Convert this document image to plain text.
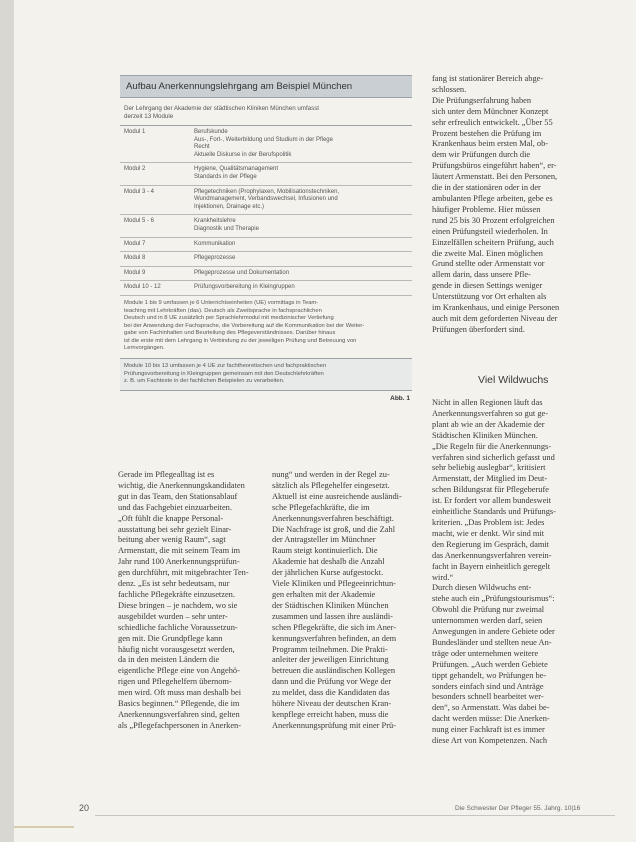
Aufbau Anerkennungslehrgang am Beispiel München
Der Lehrgang der Akademie der städtischen Kliniken München umfasst
derzeit 13 Module
Modul 1	Berufskunde
Aus-, Fort-, Weiterbildung und Studium in der Pflege
Recht
Aktuelle Diskurse in der Berufspolitik

Modul 2	Hygiene, Qualitätsmanagement
Standards in der Pflege

Modul 3 - 4	Pflegetechniken (Prophylaxen, Mobilisationstechniken,
Wundmanagement, Verbandswechsel, Infusionen und
Injektionen, Drainage etc.)

Modul 5 - 6	Krankheitslehre
Diagnostik und Therapie

Modul 7	Kommunikation

Modul 8	Pflegeprozesse

Modul 9	Pflegeprozesse und Dokumentation

Modul 10 - 12	Prüfungsvorbereitung in Kleingruppen
Module 1 bis 9 umfassen je 6 Unterrichtseinheiten (UE) vormittags in Team-
teaching mit Lehrkräften (das). Deutsch als Zweitsprache in fachsprachlichen
Deutsch und in 8 UE zusätzlich per Sprachlehrmodul mit medizinischer Vertiefung
bei der Anwendung der Fachsprache, die Vorbereitung auf die Kommunikation bei der Weiter-
gabe von Fachinhalten und Beurteilung des Pflegeverständnisses. Darüber hinaus
ist die erste mit dem Lehrgang in Verbindung zu der jeweiligen Prüfung und Betreuung von
Lernvorgängen.
Module 10 bis 13 umfassen je 4 UE zur fachtheoretischen und fachpraktischen
Prüfungsvorbereitung in Kleingruppen gemeinsam mit den Deutschlehrkräften
z. B. um Fachtexte in der fachlichen Beispielen zu verarbeiten.
Abb. 1
fang ist stationärer Bereich abge-
schlossen.
Die Prüfungserfahrung haben
sich unter dem Münchner Konzept
sehr erfreulich entwickelt. „Über 55
Prozent bestehen die Prüfung im
Krankenhaus beim ersten Mal, ob-
dem wir Prüfungen durch die
Prüfungsbüros eingeführt haben“, er-
läutert Armenstatt. Bei den Personen,
die in der stationären oder in der
ambulanten Pflege arbeiten, gebe es
häufiger Probleme. Hier müssen
rund 25 bis 30 Prozent erfolgreichen
einen Prüfungsteil wiederholen. In
Einzelfällen scheitern Prüfung, auch
die zweite Mal. Einen möglichen
Grund stellte oder Armenstatt vor
allem darin, dass unsere Pfle-
gende in diesen Settings weniger
Unterstützung vor Ort erhalten als
im Krankenhaus, und einige Personen
auch mit dem geforderten Niveau der
Prüfungen überfordert sind.
Viel Wildwuchs
Nicht in allen Regionen läuft das
Anerkennungsverfahren so gut ge-
plant ab wie an der Akademie der
Städtischen Kliniken München.
„Die Regeln für die Anerkennungs-
verfahren sind sicherlich gefasst und
sehr beliebig auslegbar“, kritisiert
Armenstatt, der Mitglied im Deut-
schen Bildungsrat für Pflegeberufe
ist. Er fordert vor allem bundesweit
einheitliche Standards und Prüfungs-
kriterien. „Das Problem ist: Jedes
macht, wie er denkt. Wir sind mit
den Regierung im Gespräch, damit
das Anerkennungsverfahren verein-
facht in Bayern einheitlich geregelt
wird.“
Durch diesen Wildwuchs ent-
stehe auch ein „Prüfungstourismus“:
Obwohl die Prüfung nur zweimal
unternommen werden darf, seien
Anwegungen in andere Gebiete oder
Bundesländer und stellten neue An-
träge oder unternehmen weitere
Prüfungen. „Auch werden Gebiete
tippt gehandelt, wo Prüfungen be-
sonders einfach sind und Anträge
besonders schnell bearbeitet wer-
den“, so Armenstatt. Was dabei be-
dacht werden müsse: Die Anerken-
nung einer Fachkraft ist es immer
diese Art von Kompetenzen. Nach
Gerade im Pflegealltag ist es
wichtig, die Anerkennungskandidaten
gut in das Team, den Stationsablauf
und das Fachgebiet einzuarbeiten.
„Oft fühlt die knappe Personal-
ausstattung bei sehr gezielt Einar-
beitung aber wenig Raum“, sagt
Armenstatt, die mit seinem Team im
Jahr rund 100 Anerkennungsprüfun-
gen durchführt, mit mitgebrachter Ten-
denz. „Es ist sehr bedeutsam, nur
fachliche Pflegekräfte einzusetzen.
Diese bringen – je nachdem, wo sie
ausgebildet wurden – sehr unter-
schiedliche fachliche Voraussetzun-
gen mit. Die Grundpflege kann
häufig nicht vorausgesetzt werden,
da in den meisten Ländern die
eigentliche Pflege eine von Angehö-
rigen und Pflegehelfern übernom-
men wird. Oft muss man deshalb bei
Basics beginnen.“ Pflegende, die im
Anerkennungsverfahren sind, gelten
als „Pflegefachpersonen in Anerken-
nung“ und werden in der Regel zu-
sätzlich als Pflegehelfer eingesetzt.
Aktuell ist eine ausreichende ausländi-
sche Pflegefachkräfte, die im
Anerkennungsverfahren beschäftigt.
Die Nachfrage ist groß, und die Zahl
der Antragsteller im Münchner
Raum steigt kontinuierlich. Die
Akademie hat deshalb die Anzahl
der jährlichen Kurse aufgestockt.
Viele Kliniken und Pflegeeinrichtun-
gen erhalten mit der Akademie
der Städtischen Kliniken München
zusammen und lassen ihre ausländi-
schen Pflegekräfte, die sich im Aner-
kennungsverfahren befinden, an dem
Programm teilnehmen. Die Prakti-
anleiter der jeweiligen Einrichtung
betreuen die ausländischen Kollegen
dann und die Prüfung vor Wege der
zu meldet, dass die Kandidaten das
höhere Niveau der deutschen Kran-
kenpflege erreicht haben, muss die
Anerkennungsprüfung mit einer Prü-
20	Die Schwester Der Pfleger 55. Jahrg. 10|16
